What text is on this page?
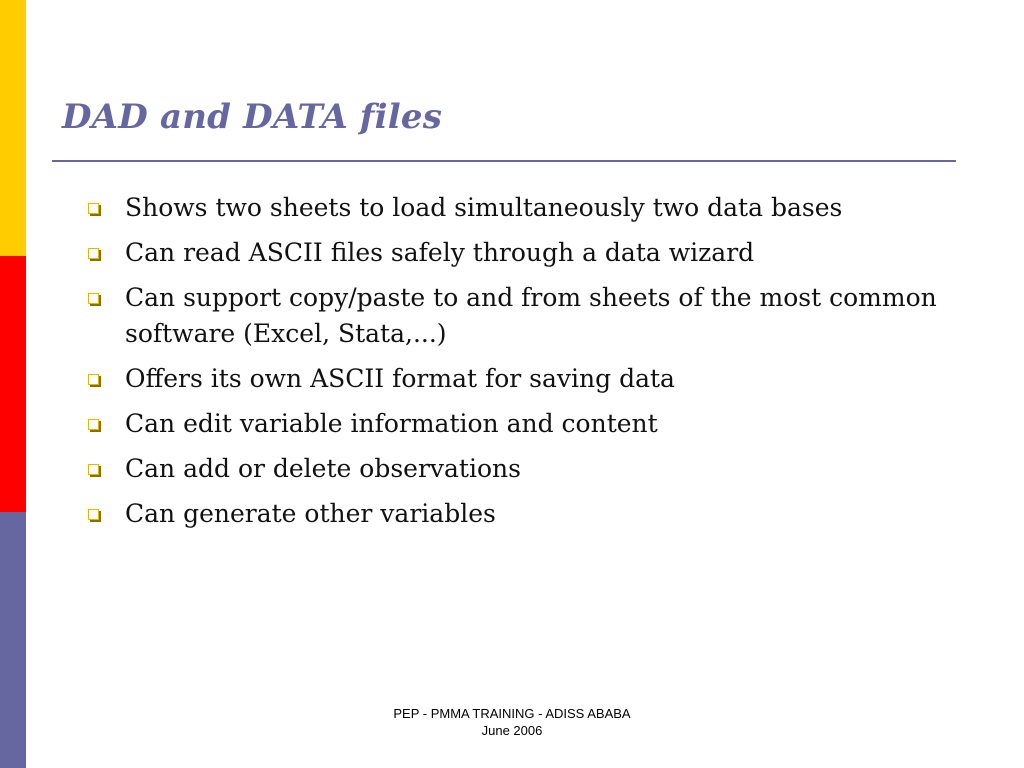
DAD and DATA files
Shows two sheets to load simultaneously two data bases
Can read ASCII files safely through a data wizard
Can support copy/paste to and from sheets of the most common software (Excel, Stata,...)
Offers its own ASCII format for saving data
Can edit variable information and content
Can add or delete observations
Can generate other variables
PEP - PMMA TRAINING - ADISS ABABA
June 2006
